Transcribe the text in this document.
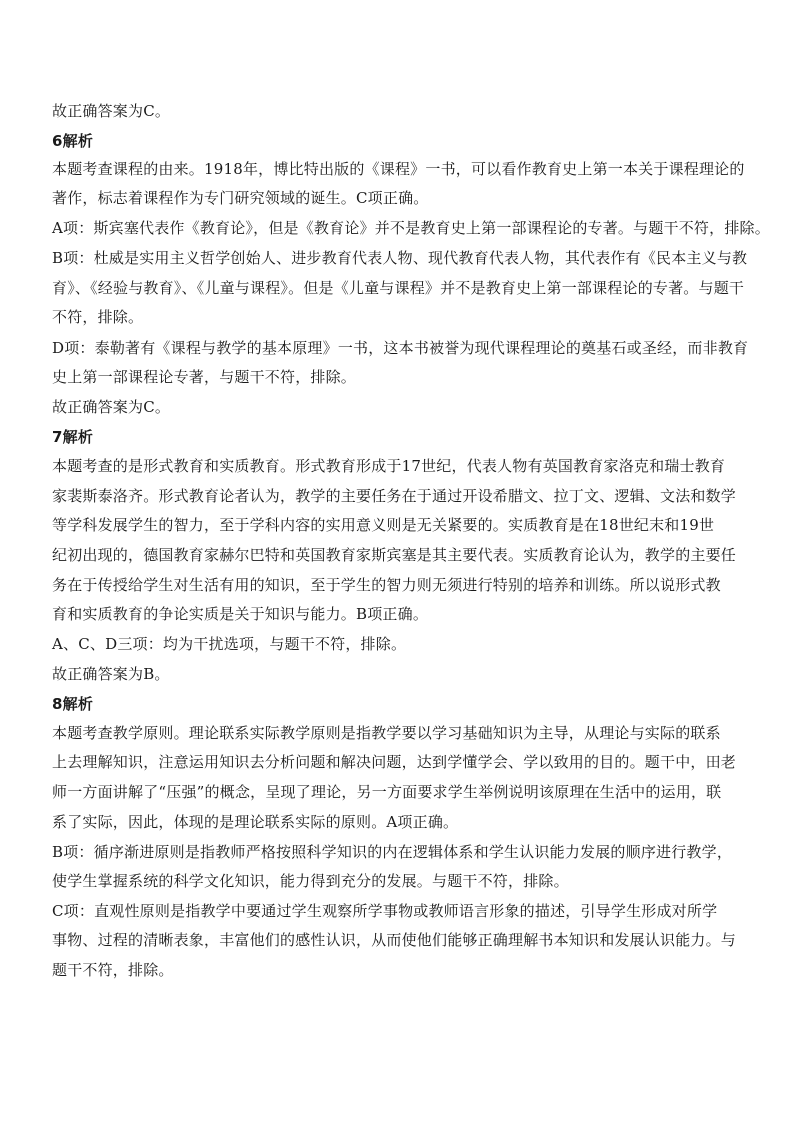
故正确答案为C。
6解析
本题考查课程的由来。1918年，博比特出版的《课程》一书，可以看作教育史上第一本关于课程理论的
著作，标志着课程作为专门研究领域的诞生。C项正确。
A项：斯宾塞代表作《教育论》，但是《教育论》并不是教育史上第一部课程论的专著。与题干不符，排除。
B项：杜威是实用主义哲学创始人、进步教育代表人物、现代教育代表人物，其代表作有《民本主义与教
育》、《经验与教育》、《儿童与课程》。但是《儿童与课程》并不是教育史上第一部课程论的专著。与题干
不符，排除。
D项：泰勒著有《课程与教学的基本原理》一书，这本书被誉为现代课程理论的奠基石或圣经，而非教育
史上第一部课程论专著，与题干不符，排除。
故正确答案为C。
7解析
本题考查的是形式教育和实质教育。形式教育形成于17世纪，代表人物有英国教育家洛克和瑞士教育
家裴斯泰洛齐。形式教育论者认为，教学的主要任务在于通过开设希腊文、拉丁文、逻辑、文法和数学
等学科发展学生的智力，至于学科内容的实用意义则是无关紧要的。实质教育是在18世纪末和19世
纪初出现的，德国教育家赫尔巴特和英国教育家斯宾塞是其主要代表。实质教育论认为，教学的主要任
务在于传授给学生对生活有用的知识，至于学生的智力则无须进行特别的培养和训练。所以说形式教
育和实质教育的争论实质是关于知识与能力。B项正确。
A、C、D三项：均为干扰选项，与题干不符，排除。
故正确答案为B。
8解析
本题考查教学原则。理论联系实际教学原则是指教学要以学习基础知识为主导，从理论与实际的联系
上去理解知识，注意运用知识去分析问题和解决问题，达到学懂学会、学以致用的目的。题干中，田老
师一方面讲解了“压强”的概念，呈现了理论，另一方面要求学生举例说明该原理在生活中的运用，联
系了实际，因此，体现的是理论联系实际的原则。A项正确。
B项：循序渐进原则是指教师严格按照科学知识的内在逻辑体系和学生认识能力发展的顺序进行教学，
使学生掌握系统的科学文化知识，能力得到充分的发展。与题干不符，排除。
C项：直观性原则是指教学中要通过学生观察所学事物或教师语言形象的描述，引导学生形成对所学
事物、过程的清晰表象，丰富他们的感性认识，从而使他们能够正确理解书本知识和发展认识能力。与
题干不符，排除。
